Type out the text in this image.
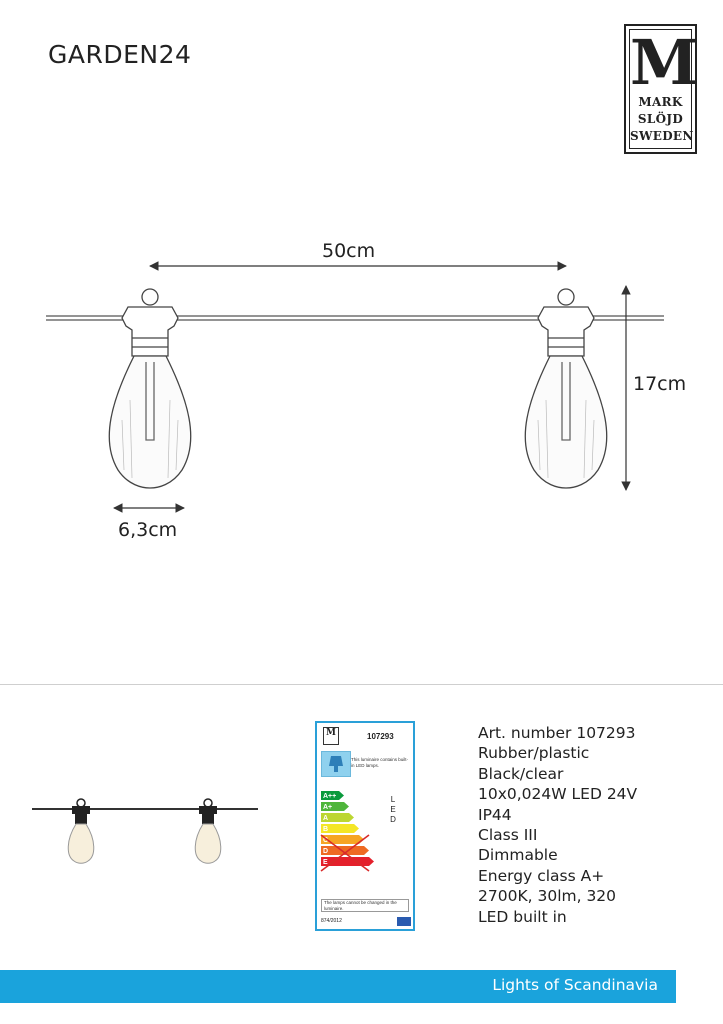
GARDEN24	M
MARK
SLÖJD
SWEDEN
50cm
17cm
6,3cm
M	107293
This luminaire contains built-in LED lamps.
A++
A+
A
B
C
D
E
L
E
D
The lamps cannot be changed in the luminaire.
874/2012
Art. number 107293
Rubber/plastic
Black/clear
10x0,024W LED 24V
IP44
Class III
Dimmable
Energy class A+
2700K, 30lm, 320
LED built in
Lights of Scandinavia
